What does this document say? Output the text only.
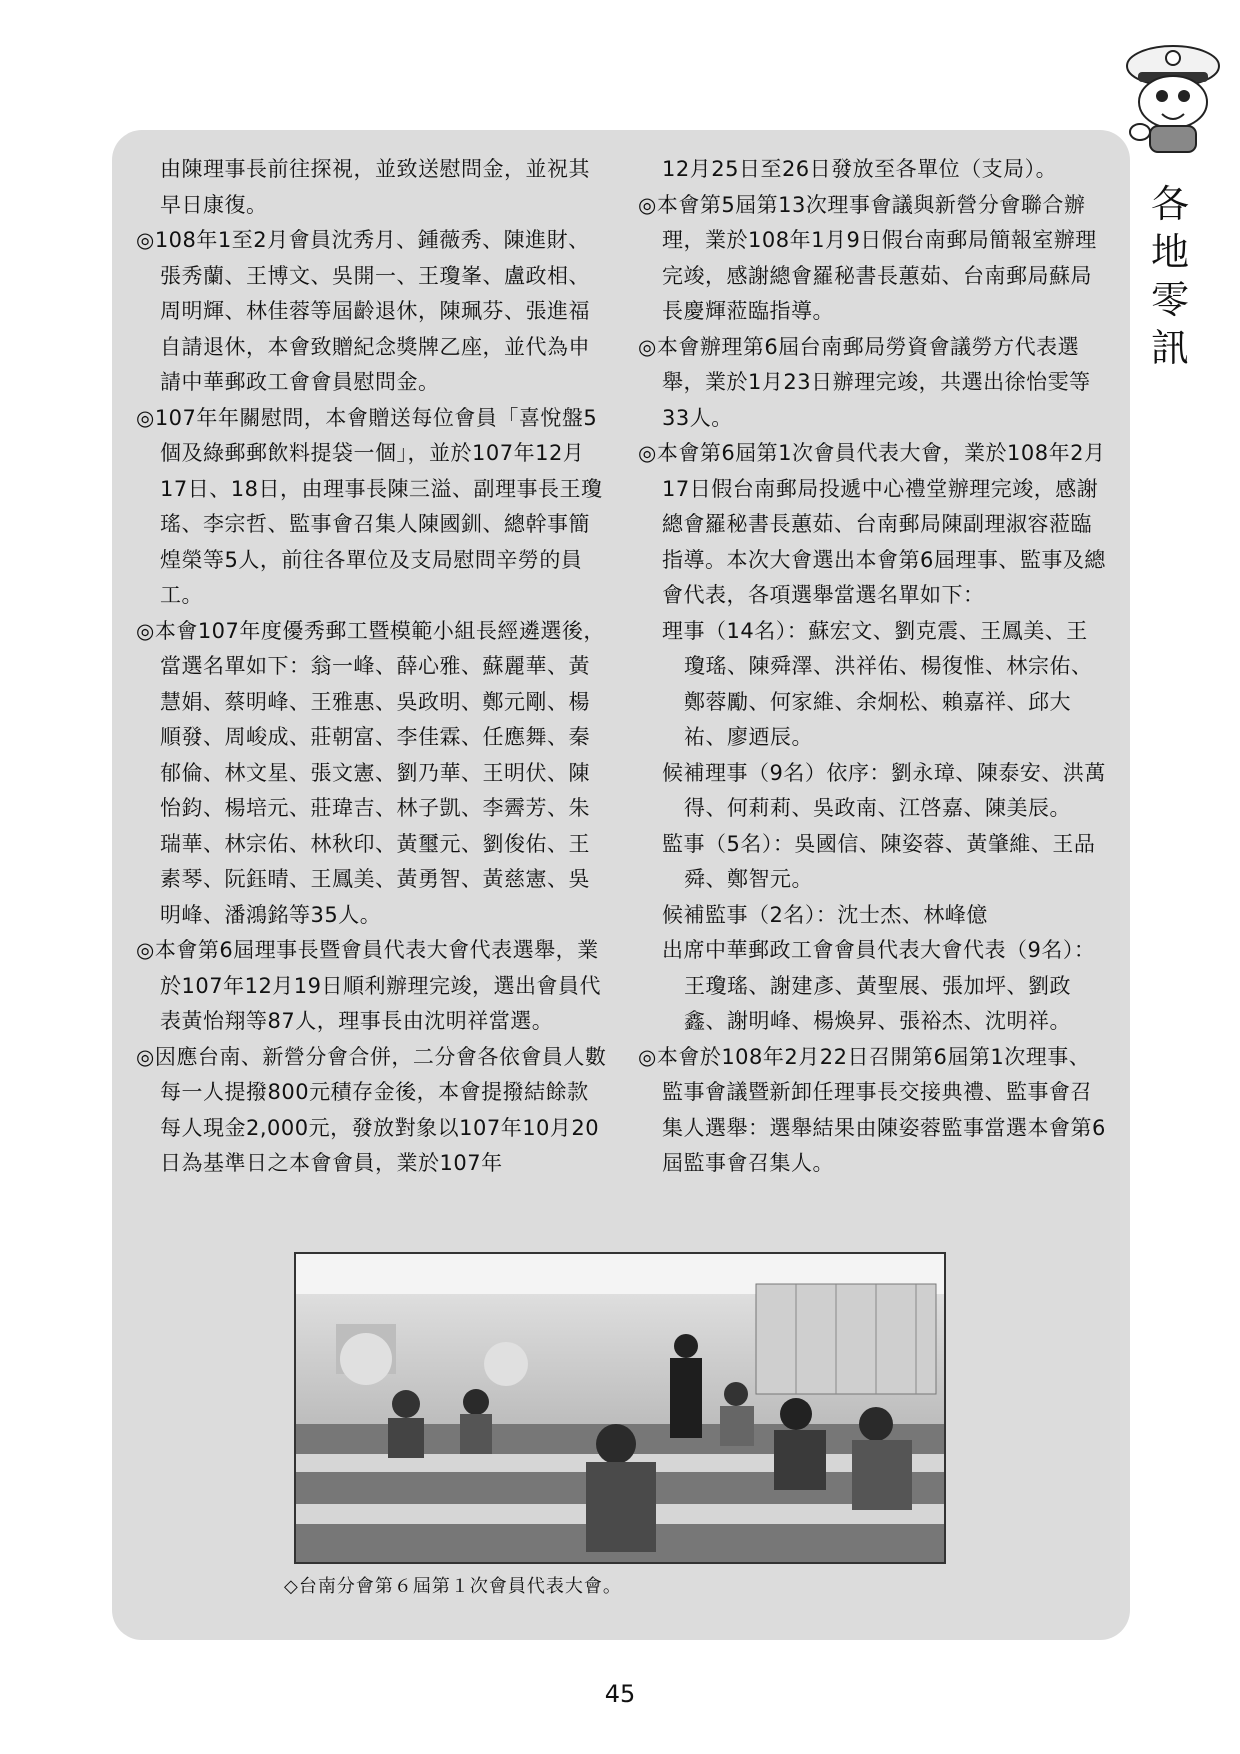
各
地
零
訊

由陳理事長前往探視，並致送慰問金，並祝其早日康復。

◎108年1至2月會員沈秀月、鍾薇秀、陳進財、張秀蘭、王博文、吳開一、王瓊峯、盧政相、周明輝、林佳蓉等屆齡退休，陳珮芬、張進福自請退休，本會致贈紀念獎牌乙座，並代為申請中華郵政工會會員慰問金。

◎107年年關慰問，本會贈送每位會員「喜悅盤5個及綠郵郵飲料提袋一個」，並於107年12月17日、18日，由理事長陳三溢、副理事長王瓊瑤、李宗哲、監事會召集人陳國釧、總幹事簡煌榮等5人，前往各單位及支局慰問辛勞的員工。

◎本會107年度優秀郵工暨模範小組長經遴選後，當選名單如下：翁一峰、薛心雅、蘇麗華、黃慧娟、蔡明峰、王雅惠、吳政明、鄭元剛、楊順發、周峻成、莊朝富、李佳霖、任應舞、秦郁倫、林文星、張文憲、劉乃華、王明伏、陳怡鈞、楊培元、莊瑋吉、林子凱、李霽芳、朱瑞華、林宗佑、林秋印、黃璽元、劉俊佑、王素琴、阮鈺晴、王鳳美、黃勇智、黃慈憲、吳明峰、潘鴻銘等35人。

◎本會第6屆理事長暨會員代表大會代表選舉，業於107年12月19日順利辦理完竣，選出會員代表黃怡翔等87人，理事長由沈明祥當選。

◎因應台南、新營分會合併，二分會各依會員人數每一人提撥800元積存金後，本會提撥結餘款每人現金2,000元，發放對象以107年10月20日為基準日之本會會員，業於107年

12月25日至26日發放至各單位（支局）。

◎本會第5屆第13次理事會議與新營分會聯合辦理，業於108年1月9日假台南郵局簡報室辦理完竣，感謝總會羅秘書長蕙茹、台南郵局蘇局長慶輝蒞臨指導。

◎本會辦理第6屆台南郵局勞資會議勞方代表選舉，業於1月23日辦理完竣，共選出徐怡雯等33人。

◎本會第6屆第1次會員代表大會，業於108年2月17日假台南郵局投遞中心禮堂辦理完竣，感謝總會羅秘書長蕙茹、台南郵局陳副理淑容蒞臨指導。本次大會選出本會第6屆理事、監事及總會代表，各項選舉當選名單如下：

理事（14名）：蘇宏文、劉克震、王鳳美、王瓊瑤、陳舜澤、洪祥佑、楊復惟、林宗佑、鄭蓉勵、何家維、余炯松、賴嘉祥、邱大祐、廖迺辰。

候補理事（9名）依序：劉永璋、陳泰安、洪萬得、何莉莉、吳政南、江啓嘉、陳美辰。

監事（5名）：吳國信、陳姿蓉、黃肇維、王品舜、鄭智元。

候補監事（2名）：沈士杰、林峰億

出席中華郵政工會會員代表大會代表（9名）：王瓊瑤、謝建彥、黃聖展、張加坪、劉政鑫、謝明峰、楊煥昇、張裕杰、沈明祥。

◎本會於108年2月22日召開第6屆第1次理事、監事會議暨新卸任理事長交接典禮、監事會召集人選舉：選舉結果由陳姿蓉監事當選本會第6屆監事會召集人。

◇台南分會第６屆第１次會員代表大會。
45
